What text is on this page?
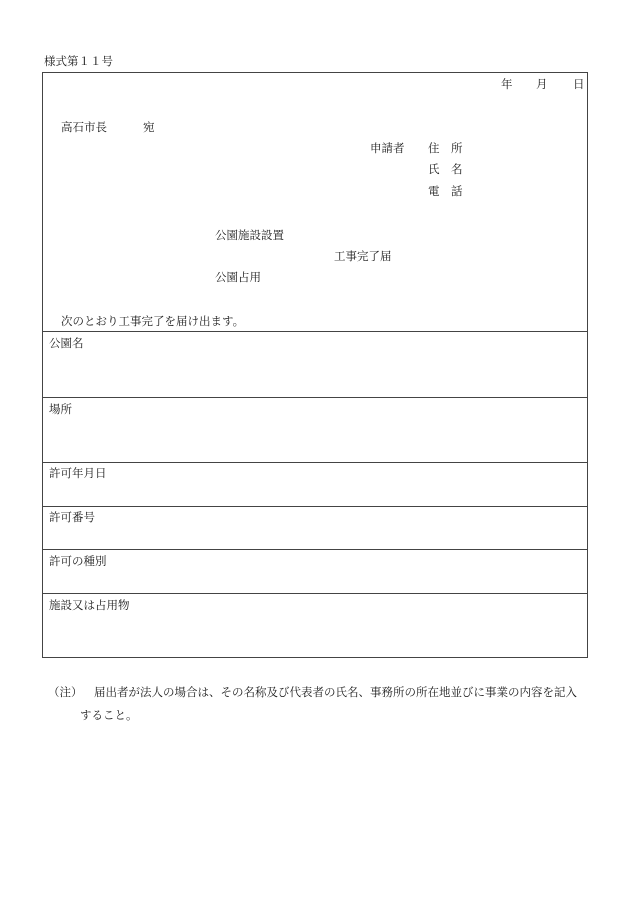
様式第１１号
年 月 日
高石市長	宛
申請者 住　所
氏　名
電　話
公園施設設置
工事完了届
公園占用
次のとおり工事完了を届け出ます。
公園名
場所
許可年月日
許可番号
許可の種別
施設又は占用物
（注） 届出者が法人の場合は、その名称及び代表者の氏名、事務所の所在地並びに事業の内容を記入
すること。
